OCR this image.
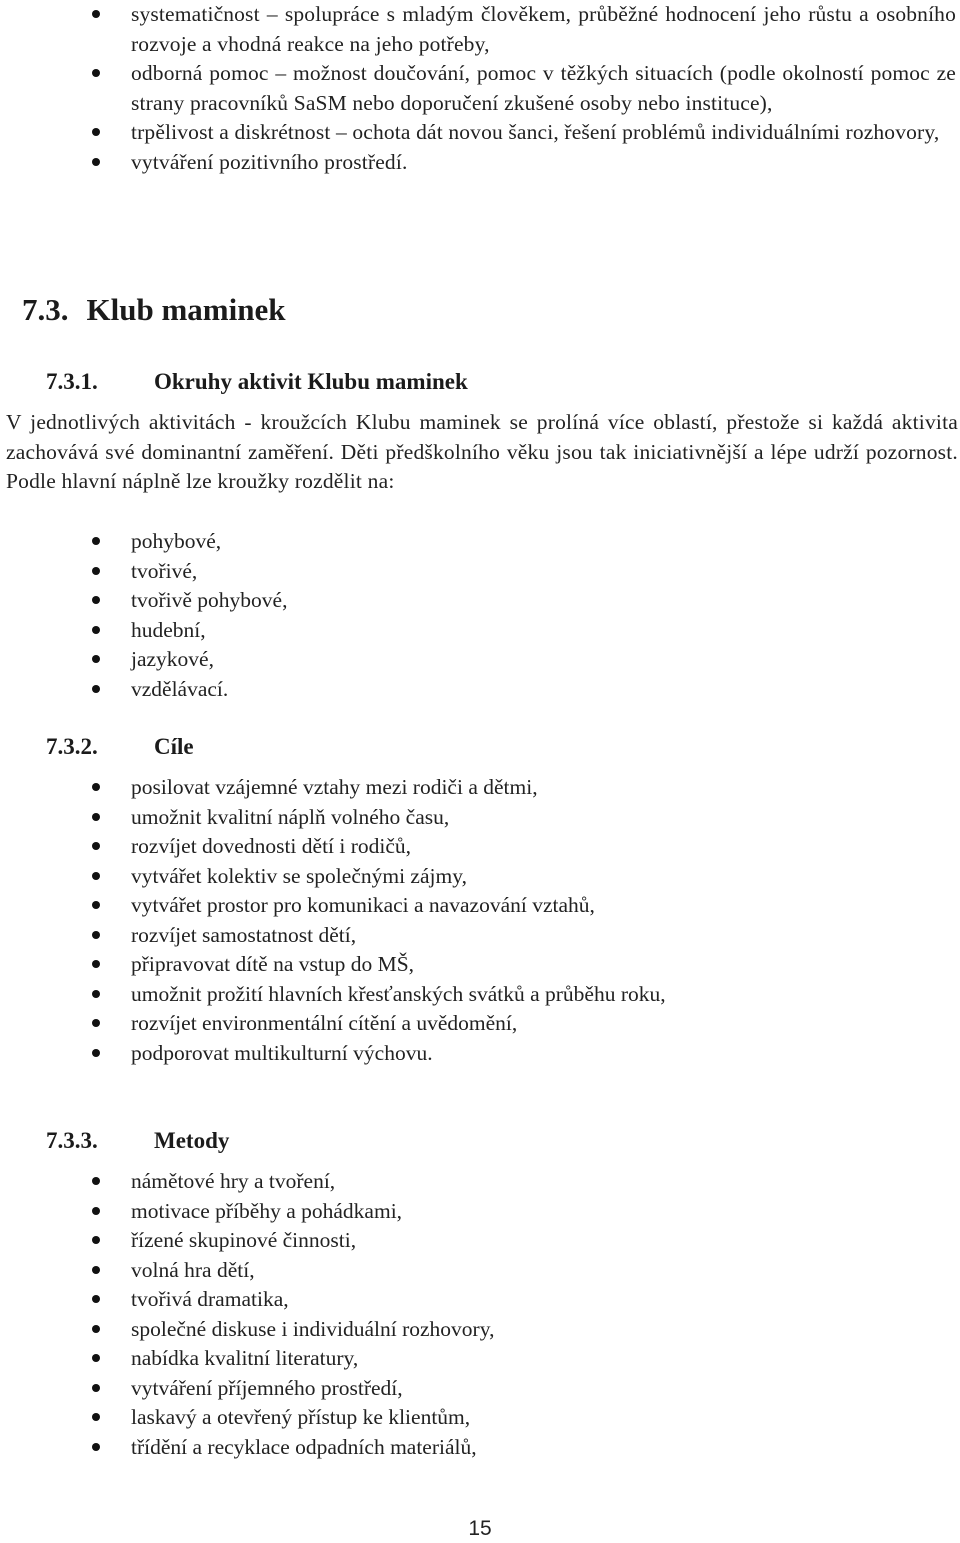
systematičnost – spolupráce s mladým člověkem, průběžné hodnocení jeho růstu a osobního rozvoje a vhodná reakce na jeho potřeby,
odborná pomoc – možnost doučování, pomoc v těžkých situacích (podle okolností pomoc ze strany pracovníků SaSM nebo doporučení zkušené osoby nebo instituce),
trpělivost a diskrétnost – ochota dát novou šanci, řešení problémů individuálními rozhovory,
vytváření pozitivního prostředí.
7.3. Klub maminek
7.3.1. Okruhy aktivit Klubu maminek
V jednotlivých aktivitách - kroužcích Klubu maminek se prolíná více oblastí, přestože si každá aktivita zachovává své dominantní zaměření. Děti předškolního věku jsou tak iniciativnější a lépe udrží pozornost. Podle hlavní náplně lze kroužky rozdělit na:
pohybové,
tvořivé,
tvořivě pohybové,
hudební,
jazykové,
vzdělávací.
7.3.2. Cíle
posilovat vzájemné vztahy mezi rodiči a dětmi,
umožnit kvalitní náplň volného času,
rozvíjet dovednosti dětí i rodičů,
vytvářet kolektiv se společnými zájmy,
vytvářet prostor pro komunikaci a navazování vztahů,
rozvíjet samostatnost dětí,
připravovat dítě na vstup do MŠ,
umožnit prožití hlavních křesťanských svátků a průběhu roku,
rozvíjet environmentální cítění a uvědomění,
podporovat multikulturní výchovu.
7.3.3. Metody
námětové hry a tvoření,
motivace příběhy a pohádkami,
řízené skupinové činnosti,
volná hra dětí,
tvořivá dramatika,
společné diskuse i individuální rozhovory,
nabídka kvalitní literatury,
vytváření příjemného prostředí,
laskavý a otevřený přístup ke klientům,
třídění a recyklace odpadních materiálů,
15
